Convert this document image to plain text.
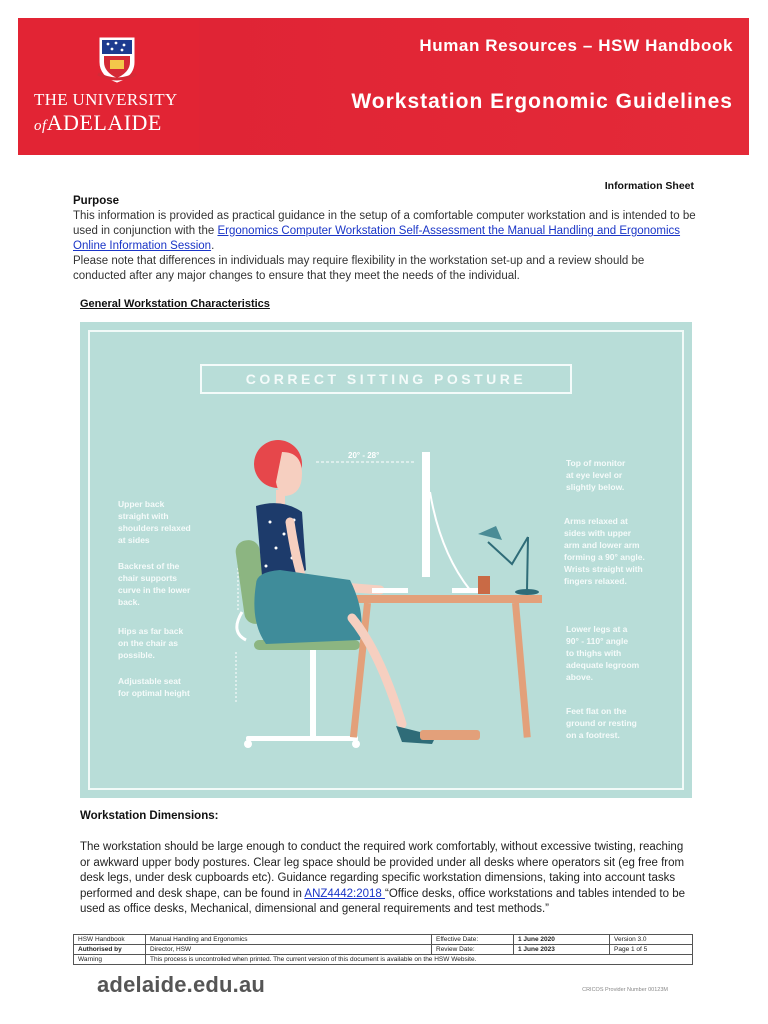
THE UNIVERSITY
ofADELAIDE
Human Resources – HSW Handbook
Workstation Ergonomic Guidelines
Information Sheet
Purpose
This information is provided as practical guidance in the setup of a comfortable computer workstation and is intended to be used in conjunction with the Ergonomics Computer Workstation Self-Assessment the Manual Handling and Ergonomics Online Information Session.
Please note that differences in individuals may require flexibility in the workstation set-up and a review should be conducted after any major changes to ensure that they meet the needs of the individual.
General Workstation Characteristics
CORRECT SITTING POSTURE
20° - 28°
Upper back
straight with
shoulders relaxed
at sides
Backrest of the
chair supports
curve in the lower
back.
Hips as far back
on the chair as
possible.
Adjustable seat
for optimal height
Top of monitor
at eye level or
slightly below.
Arms relaxed at
sides with upper
arm and lower arm
forming a 90° angle.
Wrists straight with
fingers relaxed.
Lower legs at a
90° - 110° angle
to thighs with
adequate legroom
above.
Feet flat on the
ground or resting
on a footrest.
Workstation Dimensions:
The workstation should be large enough to conduct the required work comfortably, without excessive twisting, reaching or awkward upper body postures. Clear leg space should be provided under all desks where operators sit (eg free from desk legs, under desk cupboards etc). Guidance regarding specific workstation dimensions, taking into account tasks performed and desk shape, can be found in ANZ4442:2018 “Office desks, office workstations and tables intended to be used as office desks, Mechanical, dimensional and general requirements and test methods.”
HSW Handbook	Manual Handling and Ergonomics	Effective Date:	1 June 2020	Version 3.0
Authorised by	Director, HSW	Review Date:	1 June 2023	Page 1 of 5
Warning	This process is uncontrolled when printed. The current version of this document is available on the HSW Website.			
adelaide.edu.au	CRICOS Provider Number 00123M
